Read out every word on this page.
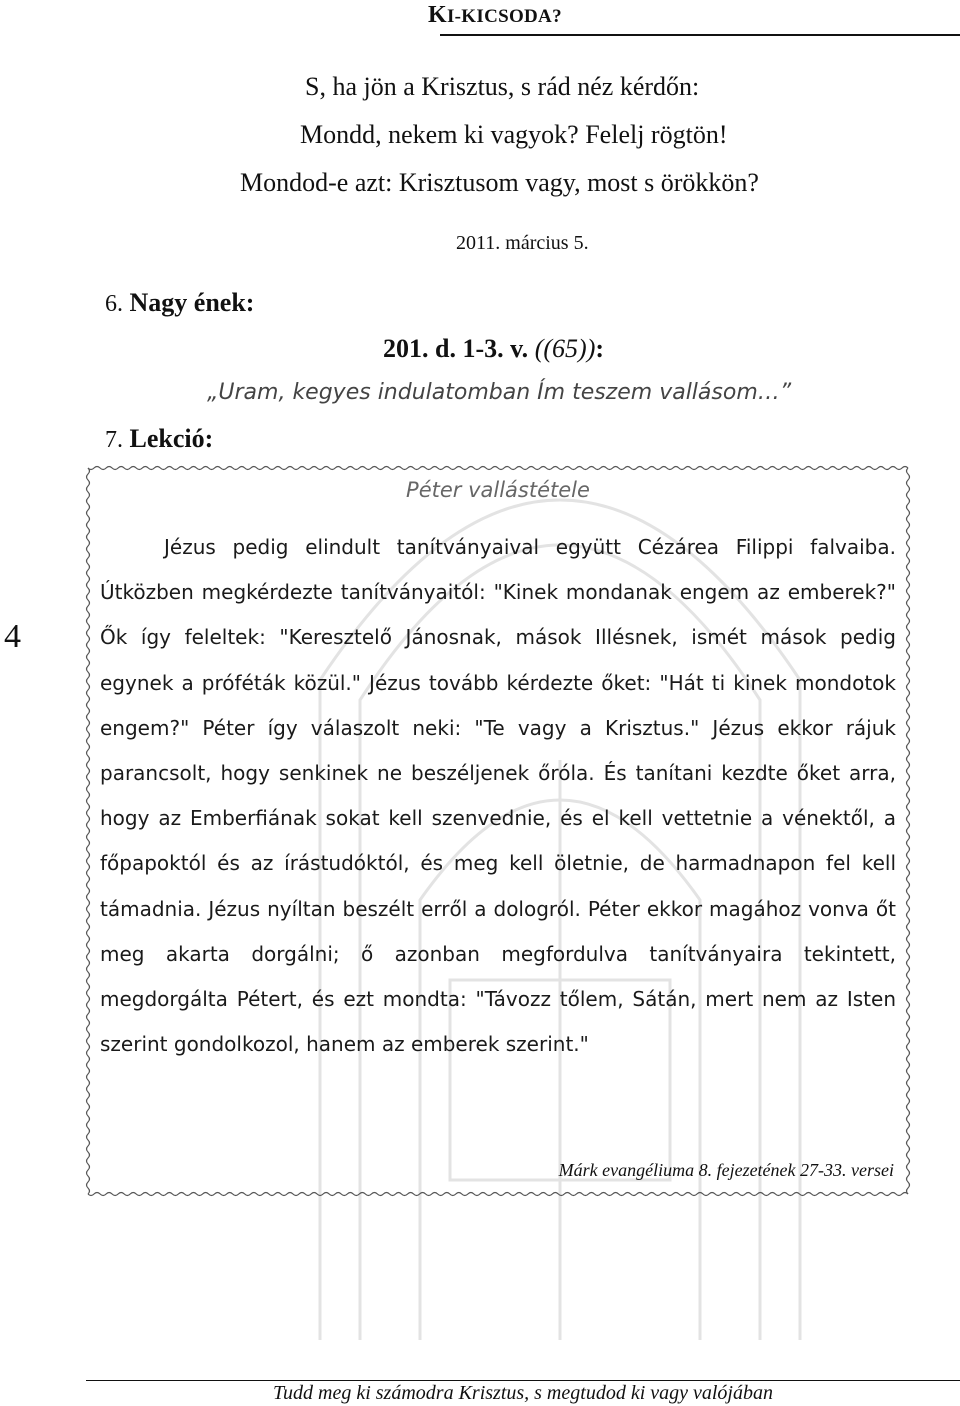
KI-KICSODA?
S, ha jön a Krisztus, s rád néz kérdőn:
Mondd, nekem ki vagyok? Felelj rögtön!
Mondod-e azt: Krisztusom vagy, most s örökkön?
2011. március 5.
6. Nagy ének:
201. d. 1-3. v. ((65)):
„Uram, kegyes indulatomban Ím teszem vallásom…”
7. Lekció:
4
Péter vallástétele

Jézus pedig elindult tanítványaival együtt Cézárea Filippi falvaiba. Útközben megkérdezte tanítványaitól: "Kinek mondanak engem az emberek?" Ők így feleltek: "Keresztelő Jánosnak, mások Illésnek, ismét mások pedig egynek a próféták közül." Jézus tovább kérdezte őket: "Hát ti kinek mondotok engem?" Péter így válaszolt neki: "Te vagy a Krisztus." Jézus ekkor rájuk parancsolt, hogy senkinek ne beszéljenek őróla. És tanítani kezdte őket arra, hogy az Emberfiának sokat kell szenvednie, és el kell vettetnie a vénektől, a főpapoktól és az írástudóktól, és meg kell öletnie, de harmadnapon fel kell támadnia. Jézus nyíltan beszélt erről a dologról. Péter ekkor magához vonva őt meg akarta dorgálni; ő azonban megfordulva tanítványaira tekintett, megdorgálta Pétert, és ezt mondta: "Távozz tőlem, Sátán, mert nem az Isten szerint gondolkozol, hanem az emberek szerint."

Márk evangéliuma 8. fejezetének 27-33. versei
Tudd meg ki számodra Krisztus, s megtudod ki vagy valójában
